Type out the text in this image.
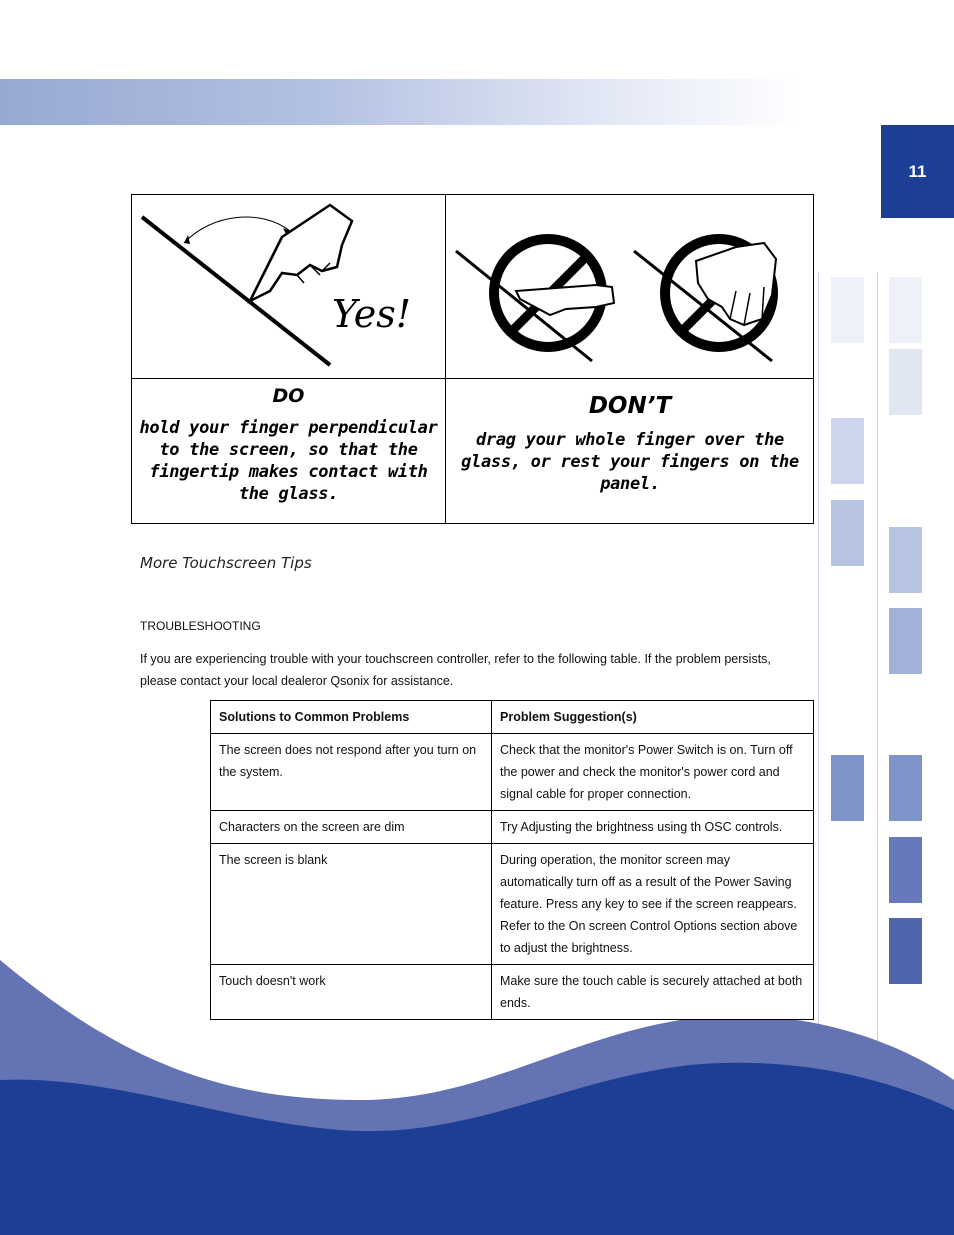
11
Yes!
DO
hold your finger perpendicular to the screen, so that the fingertip makes contact with the glass.
DON’T
drag your whole finger over the glass, or rest your fingers on the panel.
More Touchscreen Tips
TROUBLESHOOTING
If you are experiencing trouble with your touchscreen controller, refer to the following table. If the problem persists, please contact your local dealeror Qsonix for assistance.
Solutions to Common Problems	Problem Suggestion(s)
The screen does not respond after you turn on the system.	Check that the monitor's Power Switch is on. Turn off the power and check the monitor's power cord and signal cable for proper connection.
Characters on the screen are dim	Try Adjusting the brightness using th OSC controls.
The screen is blank	During operation, the monitor screen may automatically turn off as a result of the Power Saving feature. Press any key to see if the screen reappears. Refer to the On screen Control Options section above to adjust the brightness.
Touch doesn't work	Make sure the touch cable is securely attached at both ends.
